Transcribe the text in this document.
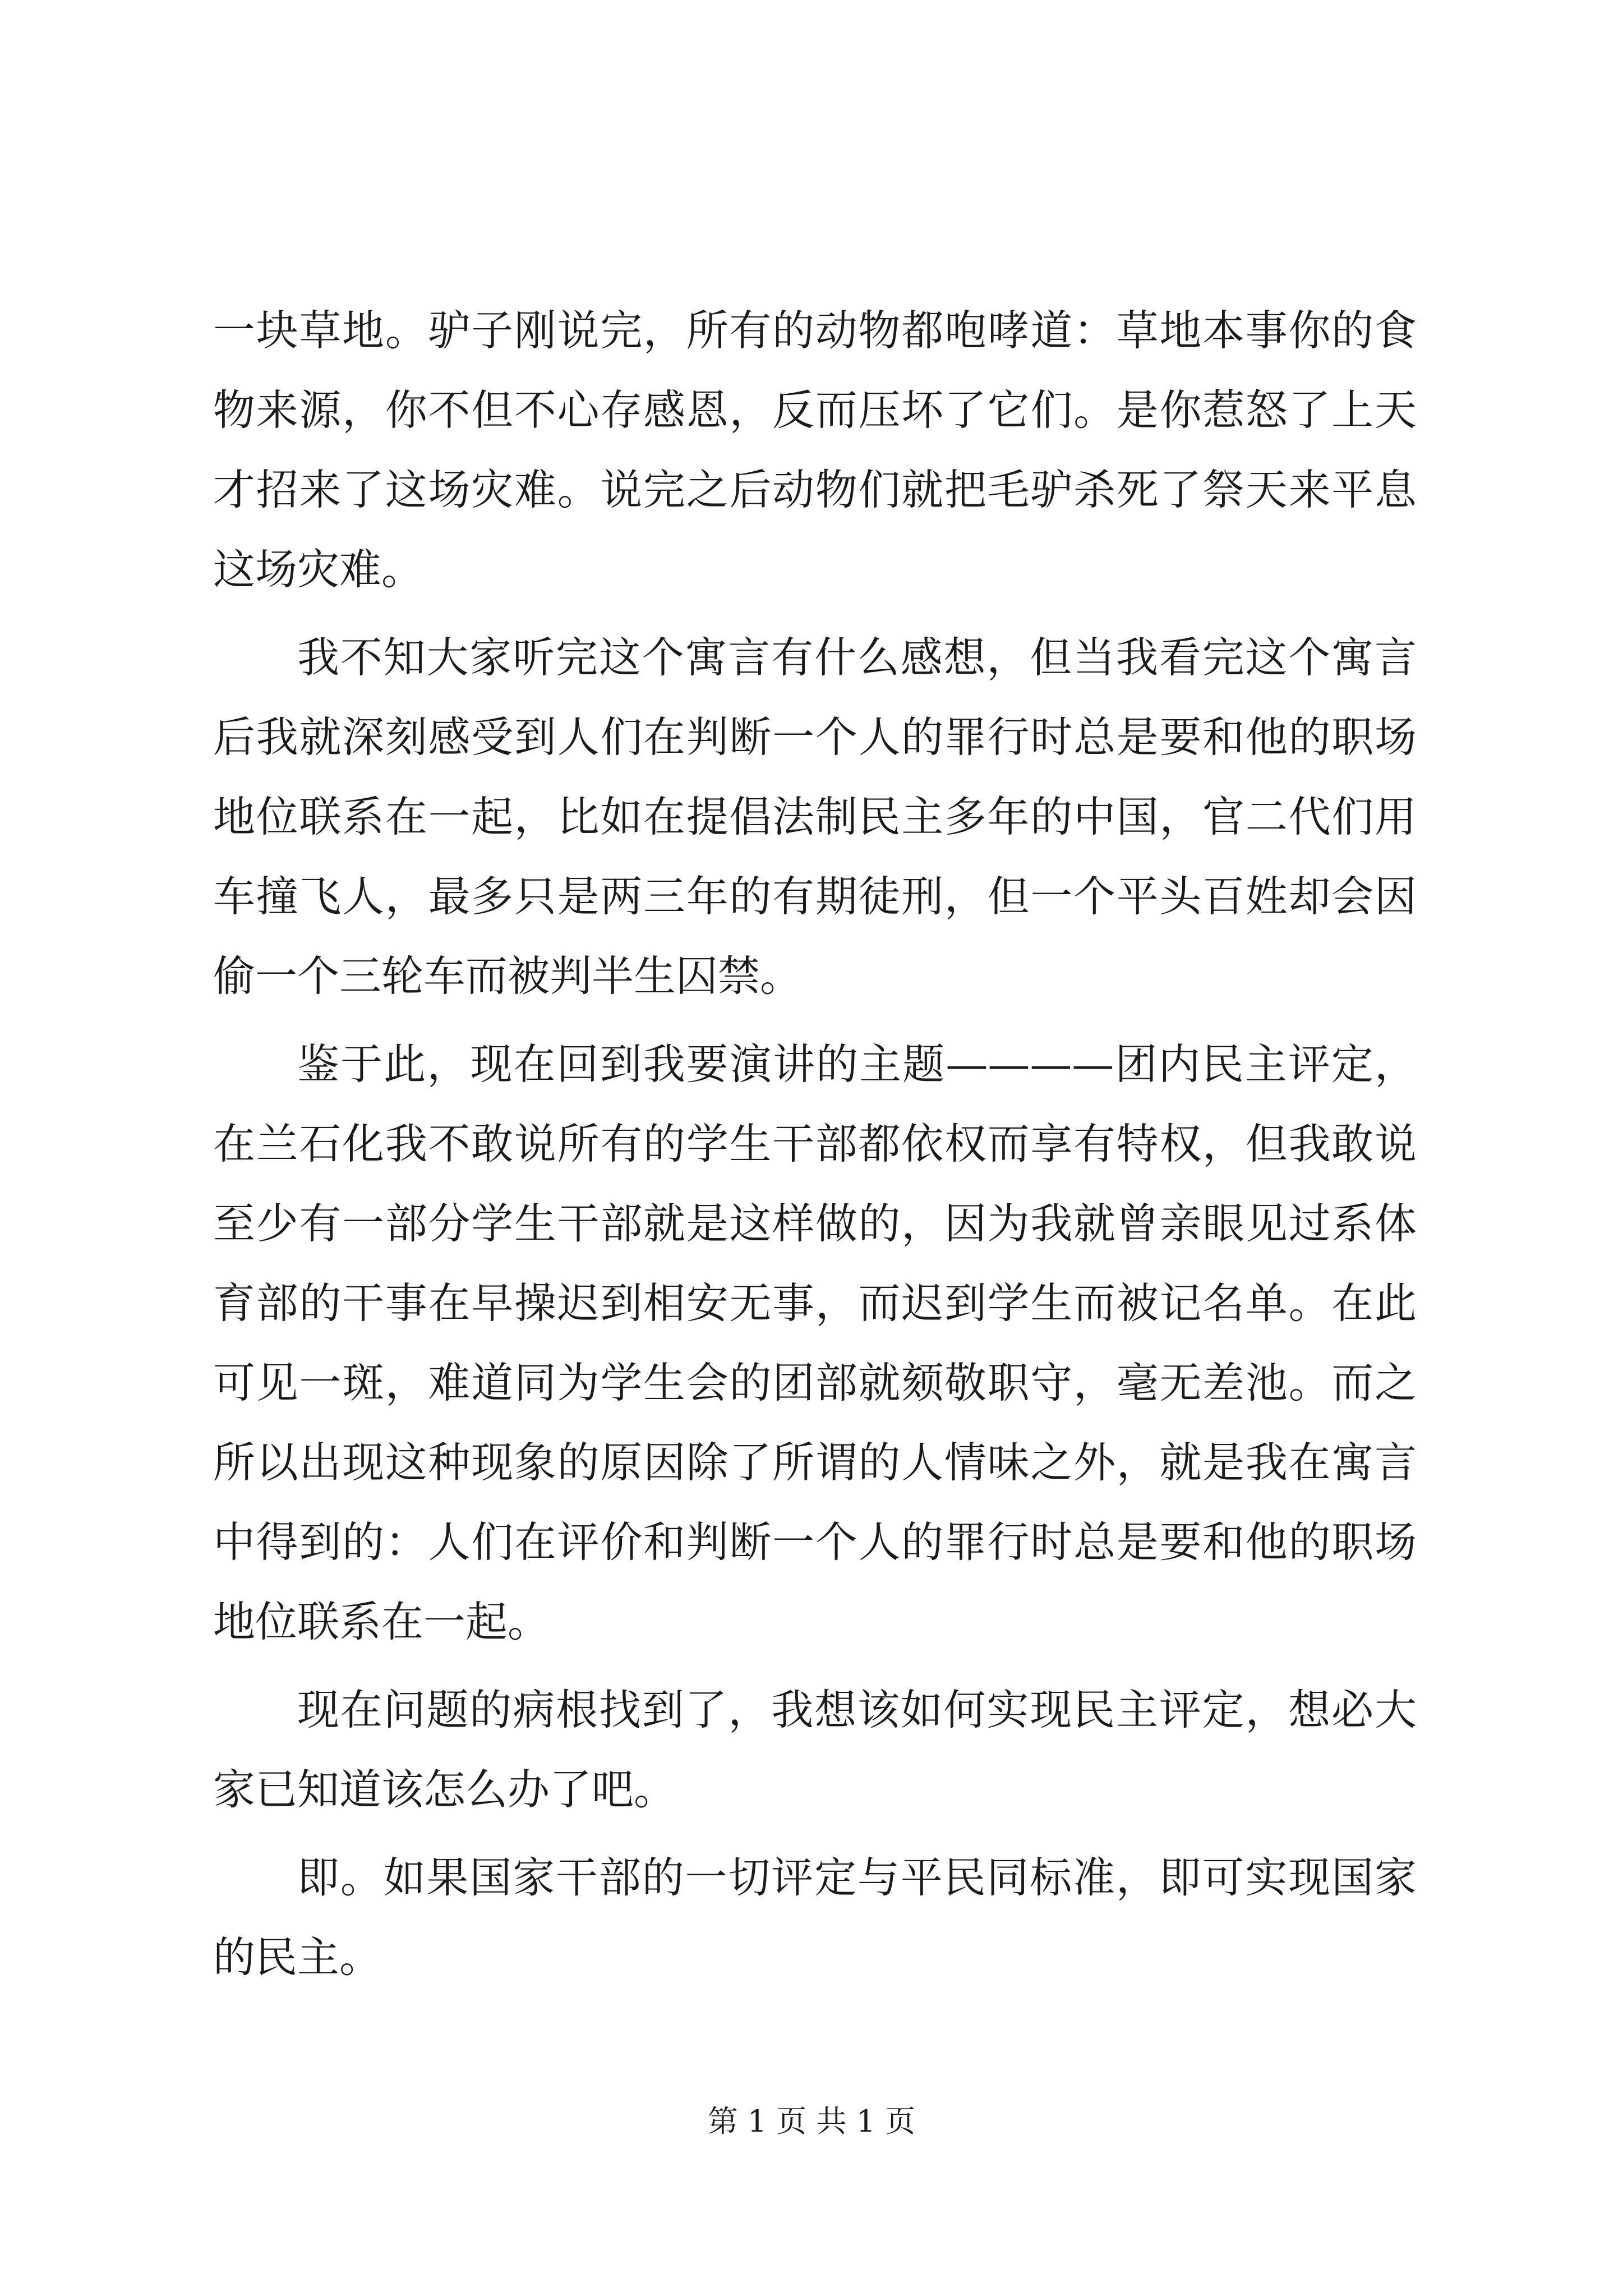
一块草地。驴子刚说完，所有的动物都咆哮道：草地本事你的食物来源，你不但不心存感恩，反而压坏了它们。是你惹怒了上天才招来了这场灾难。说完之后动物们就把毛驴杀死了祭天来平息这场灾难。

我不知大家听完这个寓言有什么感想，但当我看完这个寓言后我就深刻感受到人们在判断一个人的罪行时总是要和他的职场地位联系在一起，比如在提倡法制民主多年的中国，官二代们用车撞飞人，最多只是两三年的有期徒刑，但一个平头百姓却会因偷一个三轮车而被判半生囚禁。

鉴于此，现在回到我要演讲的主题————团内民主评定，在兰石化我不敢说所有的学生干部都依权而享有特权，但我敢说至少有一部分学生干部就是这样做的，因为我就曾亲眼见过系体育部的干事在早操迟到相安无事，而迟到学生而被记名单。在此可见一斑，难道同为学生会的团部就颏敬职守，毫无差池。而之所以出现这种现象的原因除了所谓的人情味之外，就是我在寓言中得到的：人们在评价和判断一个人的罪行时总是要和他的职场地位联系在一起。

现在问题的病根找到了，我想该如何实现民主评定，想必大家已知道该怎么办了吧。

即。如果国家干部的一切评定与平民同标准，即可实现国家的民主。

第 1 页 共 1 页
